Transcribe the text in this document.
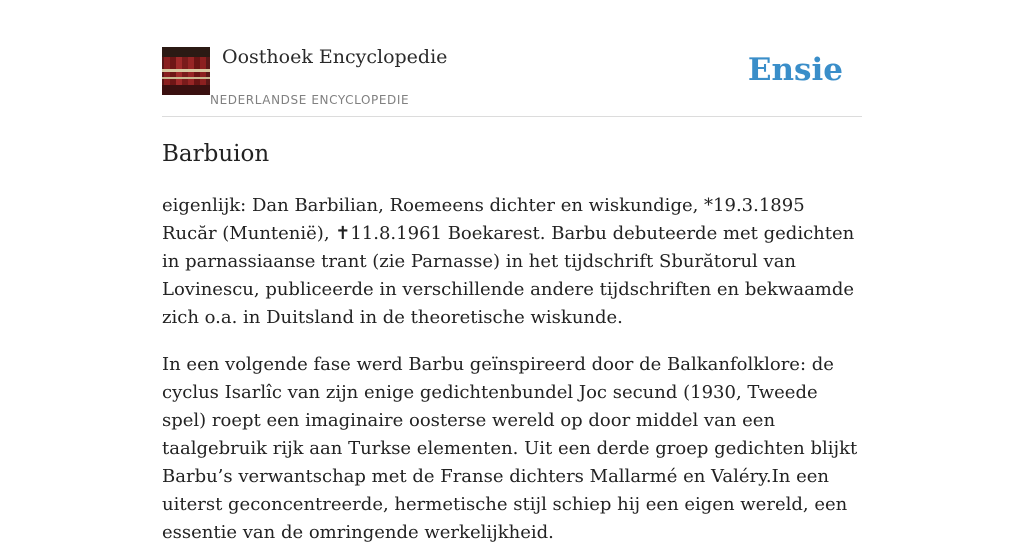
Oosthoek Encyclopedie
NEDERLANDSE ENCYCLOPEDIE
Ensie
Barbuion

eigenlijk: Dan Barbilian, Roemeens dichter en wiskundige, *19.3.1895 Rucăr (Muntenië), ✝11.8.1961 Boekarest. Barbu debuteerde met gedichten in parnassiaanse trant (zie Parnasse) in het tijdschrift Sburătorul van Lovinescu, publiceerde in verschillende andere tijdschriften en bekwaamde zich o.a. in Duitsland in de theoretische wiskunde.

In een volgende fase werd Barbu geïnspireerd door de Balkanfolklore: de cyclus Isarlîc van zijn enige gedichtenbundel Joc secund (1930, Tweede spel) roept een imaginaire oosterse wereld op door middel van een taalgebruik rijk aan Turkse elementen. Uit een derde groep gedichten blijkt Barbu’s verwantschap met de Franse dichters Mallarmé en Valéry.In een uiterst geconcentreerde, hermetische stijl schiep hij een eigen wereld, een essentie van de omringende werkelijkheid.
